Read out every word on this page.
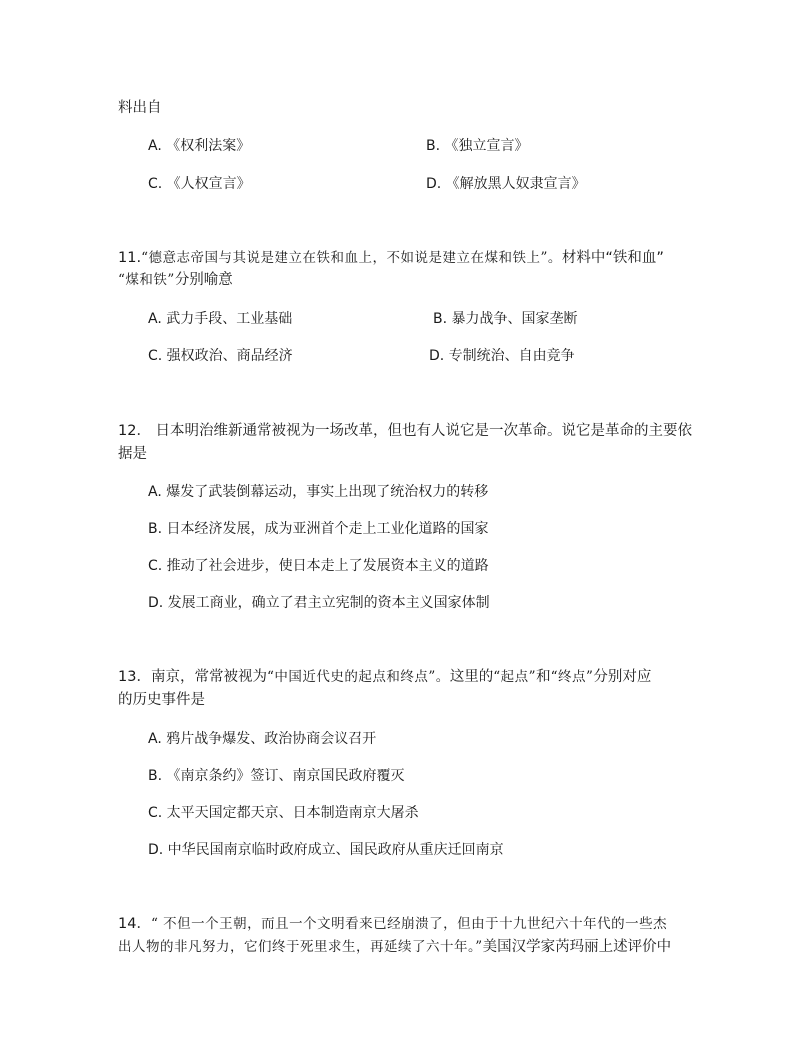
料出自
A. 《权利法案》	B. 《独立宣言》
C. 《人权宣言》	D. 《解放黑人奴隶宣言》
11.“德意志帝国与其说是建立在铁和血上，不如说是建立在煤和铁上”。材料中“铁和血”
“煤和铁”分别喻意
A. 武力手段、工业基础	B. 暴力战争、国家垄断
C. 强权政治、商品经济	D. 专制统治、自由竞争
12． 日本明治维新通常被视为一场改革，但也有人说它是一次革命。说它是革命的主要依
据是
A. 爆发了武装倒幕运动，事实上出现了统治权力的转移
B. 日本经济发展，成为亚洲首个走上工业化道路的国家
C. 推动了社会进步，使日本走上了发展资本主义的道路
D. 发展工商业，确立了君主立宪制的资本主义国家体制
13．南京，常常被视为“中国近代史的起点和终点”。这里的“起点”和“终点”分别对应
的历史事件是
A. 鸦片战争爆发、政治协商会议召开
B. 《南京条约》签订、南京国民政府覆灭
C. 太平天国定都天京、日本制造南京大屠杀
D. 中华民国南京临时政府成立、国民政府从重庆迁回南京
14．“ 不但一个王朝，而且一个文明看来已经崩溃了，但由于十九世纪六十年代的一些杰
出人物的非凡努力，它们终于死里求生，再延续了六十年。”美国汉学家芮玛丽上述评价中
